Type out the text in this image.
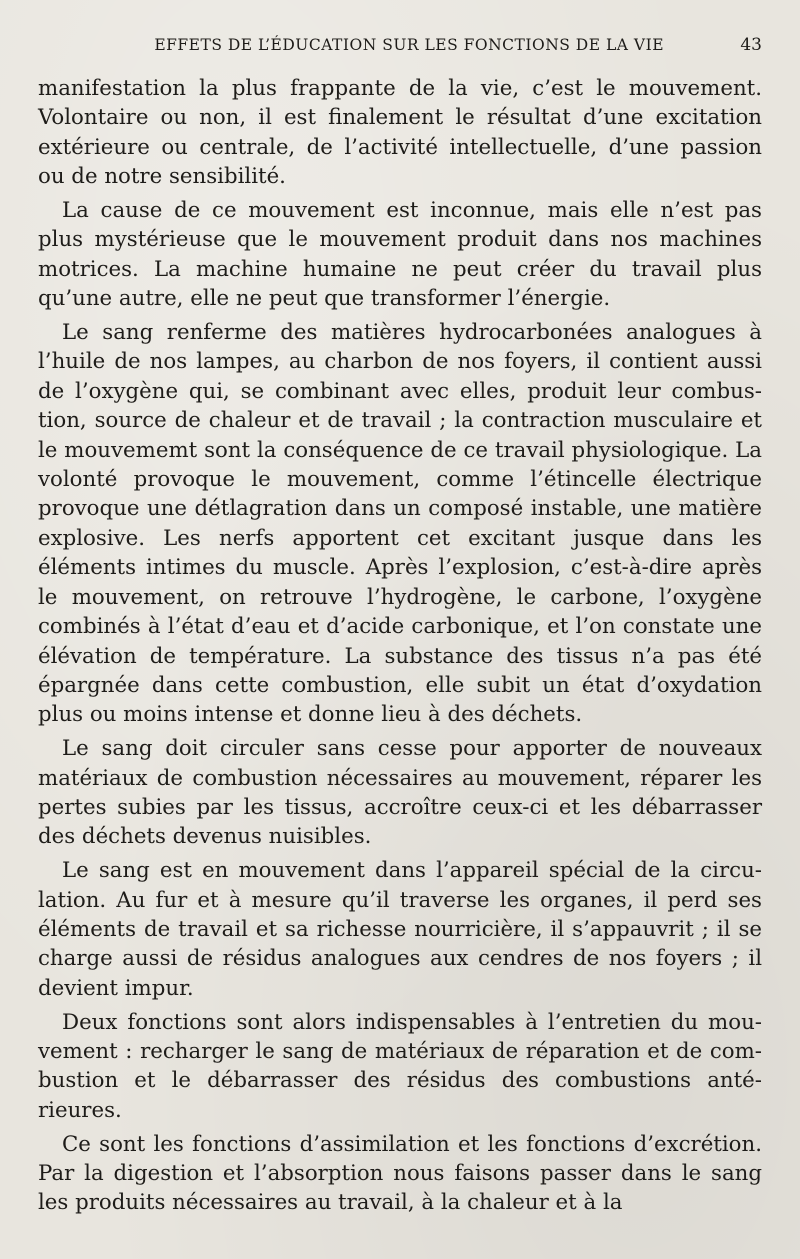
EFFETS DE L’ÉDUCATION SUR LES FONCTIONS DE LA VIE	43

manifestation la plus frappante de la vie, c’est le mouvement. Volontaire ou non, il est finalement le résultat d’une excitation extérieure ou centrale, de l’activité intellectuelle, d’une passion ou de notre sensibilité.

La cause de ce mouvement est inconnue, mais elle n’est pas plus mystérieuse que le mouvement produit dans nos machines motrices. La machine humaine ne peut créer du travail plus qu’une autre, elle ne peut que transformer l’énergie.

Le sang renferme des matières hydrocarbonées analogues à l’huile de nos lampes, au charbon de nos foyers, il contient aussi de l’oxygène qui, se combinant avec elles, produit leur combustion, source de chaleur et de travail ; la contraction musculaire et le mouvememt sont la conséquence de ce travail physiologique. La volonté provoque le mouvement, comme l’étincelle électrique provoque une détlagration dans un composé instable, une matière explosive. Les nerfs apportent cet excitant jusque dans les éléments intimes du muscle. Après l’explosion, c’est-à-dire après le mouvement, on retrouve l’hydrogène, le carbone, l’oxygène combinés à l’état d’eau et d’acide carbonique, et l’on constate une élévation de température. La substance des tissus n’a pas été épargnée dans cette combustion, elle subit un état d’oxydation plus ou moins intense et donne lieu à des déchets.

Le sang doit circuler sans cesse pour apporter de nouveaux matériaux de combustion nécessaires au mouvement, réparer les pertes subies par les tissus, accroître ceux-ci et les débarrasser des déchets devenus nuisibles.

Le sang est en mouvement dans l’appareil spécial de la circulation. Au fur et à mesure qu’il traverse les organes, il perd ses éléments de travail et sa richesse nourricière, il s’appauvrit ; il se charge aussi de résidus analogues aux cendres de nos foyers ; il devient impur.

Deux fonctions sont alors indispensables à l’entretien du mouvement : recharger le sang de matériaux de réparation et de combustion et le débarrasser des résidus des combustions antérieures.

Ce sont les fonctions d’assimilation et les fonctions d’excrétion. Par la digestion et l’absorption nous faisons passer dans le sang les produits nécessaires au travail, à la chaleur et à la
